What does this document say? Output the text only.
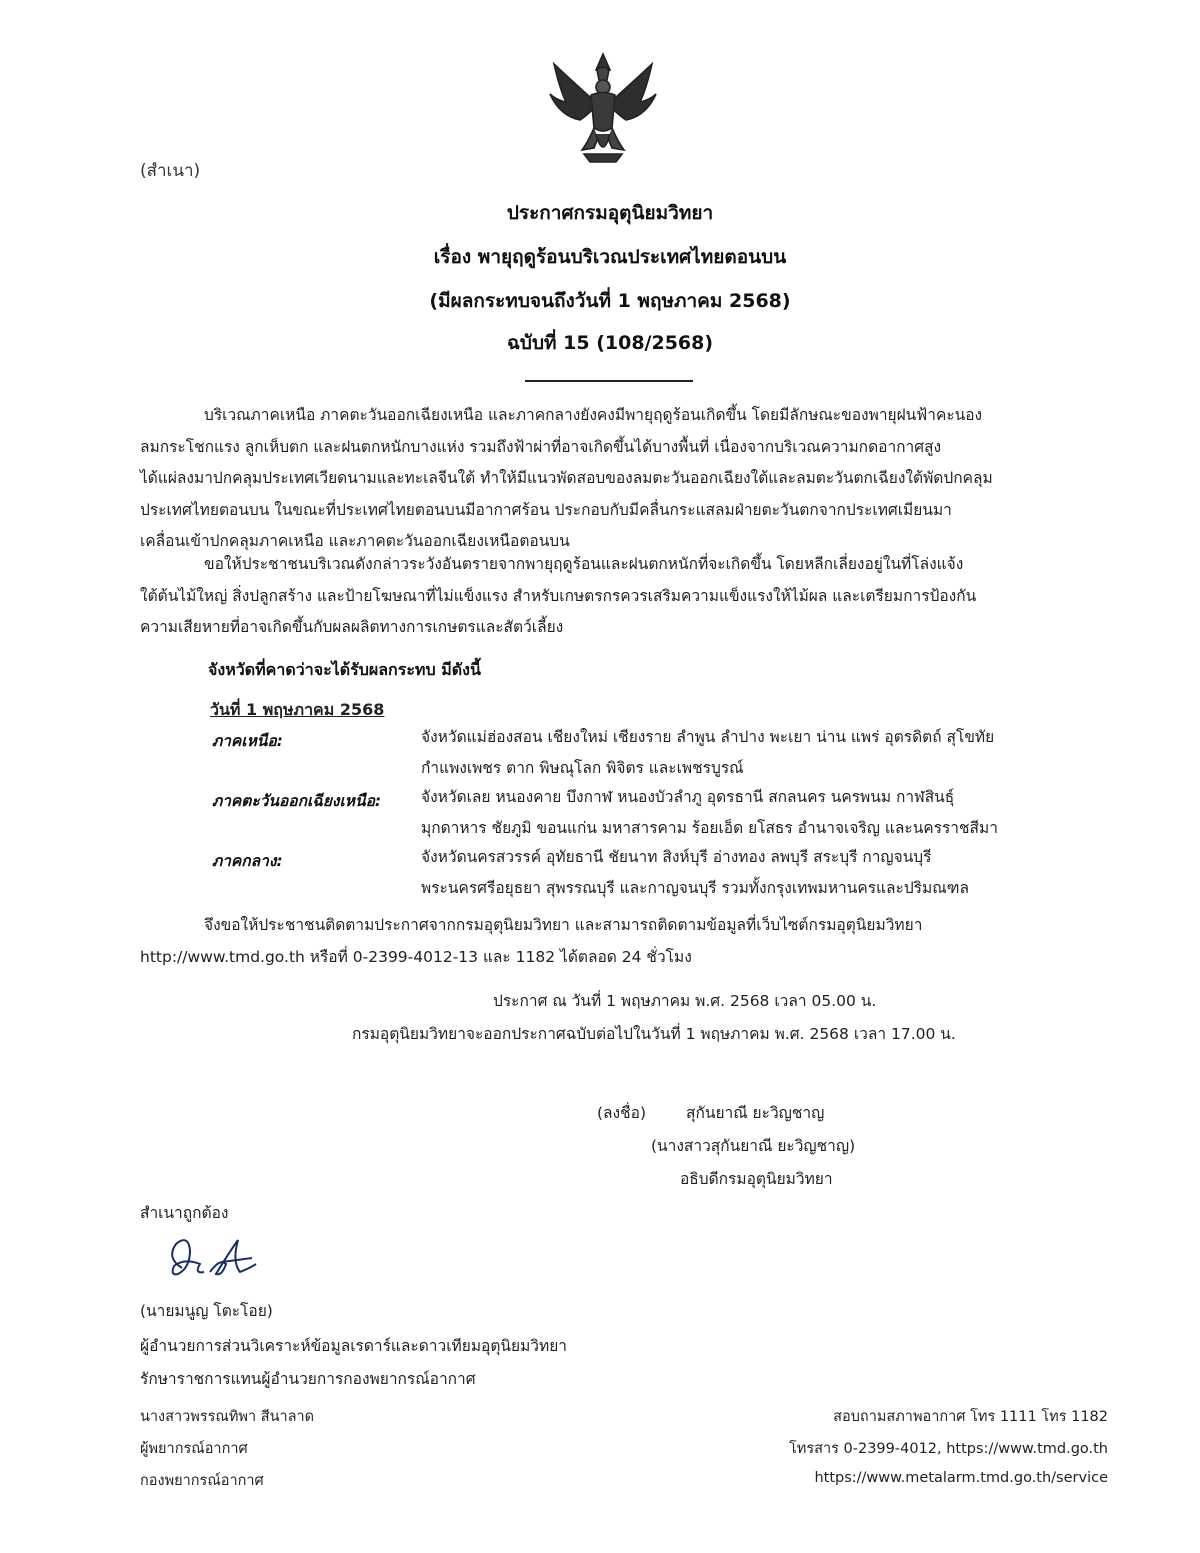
(สำเนา)
ประกาศกรมอุตุนิยมวิทยา
เรื่อง พายุฤดูร้อนบริเวณประเทศไทยตอนบน
(มีผลกระทบจนถึงวันที่ 1 พฤษภาคม 2568)
ฉบับที่ 15 (108/2568)
บริเวณภาคเหนือ ภาคตะวันออกเฉียงเหนือ และภาคกลางยังคงมีพายุฤดูร้อนเกิดขึ้น โดยมีลักษณะของพายุฝนฟ้าคะนอง
ลมกระโชกแรง ลูกเห็บตก และฝนตกหนักบางแห่ง รวมถึงฟ้าผ่าที่อาจเกิดขึ้นได้บางพื้นที่ เนื่องจากบริเวณความกดอากาศสูง
ได้แผ่ลงมาปกคลุมประเทศเวียดนามและทะเลจีนใต้ ทำให้มีแนวพัดสอบของลมตะวันออกเฉียงใต้และลมตะวันตกเฉียงใต้พัดปกคลุม
ประเทศไทยตอนบน ในขณะที่ประเทศไทยตอนบนมีอากาศร้อน ประกอบกับมีคลื่นกระแสลมฝ่ายตะวันตกจากประเทศเมียนมา
เคลื่อนเข้าปกคลุมภาคเหนือ และภาคตะวันออกเฉียงเหนือตอนบน
ขอให้ประชาชนบริเวณดังกล่าวระวังอันตรายจากพายุฤดูร้อนและฝนตกหนักที่จะเกิดขึ้น โดยหลีกเลี่ยงอยู่ในที่โล่งแจ้ง
ใต้ต้นไม้ใหญ่ สิ่งปลูกสร้าง และป้ายโฆษณาที่ไม่แข็งแรง สำหรับเกษตรกรควรเสริมความแข็งแรงให้ไม้ผล และเตรียมการป้องกัน
ความเสียหายที่อาจเกิดขึ้นกับผลผลิตทางการเกษตรและสัตว์เลี้ยง
จังหวัดที่คาดว่าจะได้รับผลกระทบ มีดังนี้
วันที่ 1 พฤษภาคม 2568
ภาคเหนือ:	จังหวัดแม่ฮ่องสอน เชียงใหม่ เชียงราย ลำพูน ลำปาง พะเยา น่าน แพร่ อุตรดิตถ์ สุโขทัย
กำแพงเพชร ตาก พิษณุโลก พิจิตร และเพชรบูรณ์
ภาคตะวันออกเฉียงเหนือ:	จังหวัดเลย หนองคาย บึงกาฬ หนองบัวลำภู อุดรธานี สกลนคร นครพนม กาฬสินธุ์
มุกดาหาร ชัยภูมิ ขอนแก่น มหาสารคาม ร้อยเอ็ด ยโสธร อำนาจเจริญ และนครราชสีมา
ภาคกลาง:	จังหวัดนครสวรรค์ อุทัยธานี ชัยนาท สิงห์บุรี อ่างทอง ลพบุรี สระบุรี กาญจนบุรี
พระนครศรีอยุธยา สุพรรณบุรี และกาญจนบุรี รวมทั้งกรุงเทพมหานครและปริมณฑล
จึงขอให้ประชาชนติดตามประกาศจากกรมอุตุนิยมวิทยา และสามารถติดตามข้อมูลที่เว็บไซต์กรมอุตุนิยมวิทยา
http://www.tmd.go.th หรือที่ 0-2399-4012-13 และ 1182 ได้ตลอด 24 ชั่วโมง
ประกาศ ณ วันที่ 1 พฤษภาคม พ.ศ. 2568 เวลา 05.00 น.
กรมอุตุนิยมวิทยาจะออกประกาศฉบับต่อไปในวันที่ 1 พฤษภาคม พ.ศ. 2568 เวลา 17.00 น.
(ลงชื่อ)	สุกันยาณี ยะวิญชาญ
(นางสาวสุกันยาณี ยะวิญชาญ)
อธิบดีกรมอุตุนิยมวิทยา
สำเนาถูกต้อง
(นายมนูญ โตะโอย)
ผู้อำนวยการส่วนวิเคราะห์ข้อมูลเรดาร์และดาวเทียมอุตุนิยมวิทยา
รักษาราชการแทนผู้อำนวยการกองพยากรณ์อากาศ
นางสาวพรรณทิพา สีนาลาด
ผู้พยากรณ์อากาศ
กองพยากรณ์อากาศ
สอบถามสภาพอากาศ โทร 1111 โทร 1182
โทรสาร 0-2399-4012, https://www.tmd.go.th
https://www.metalarm.tmd.go.th/service
